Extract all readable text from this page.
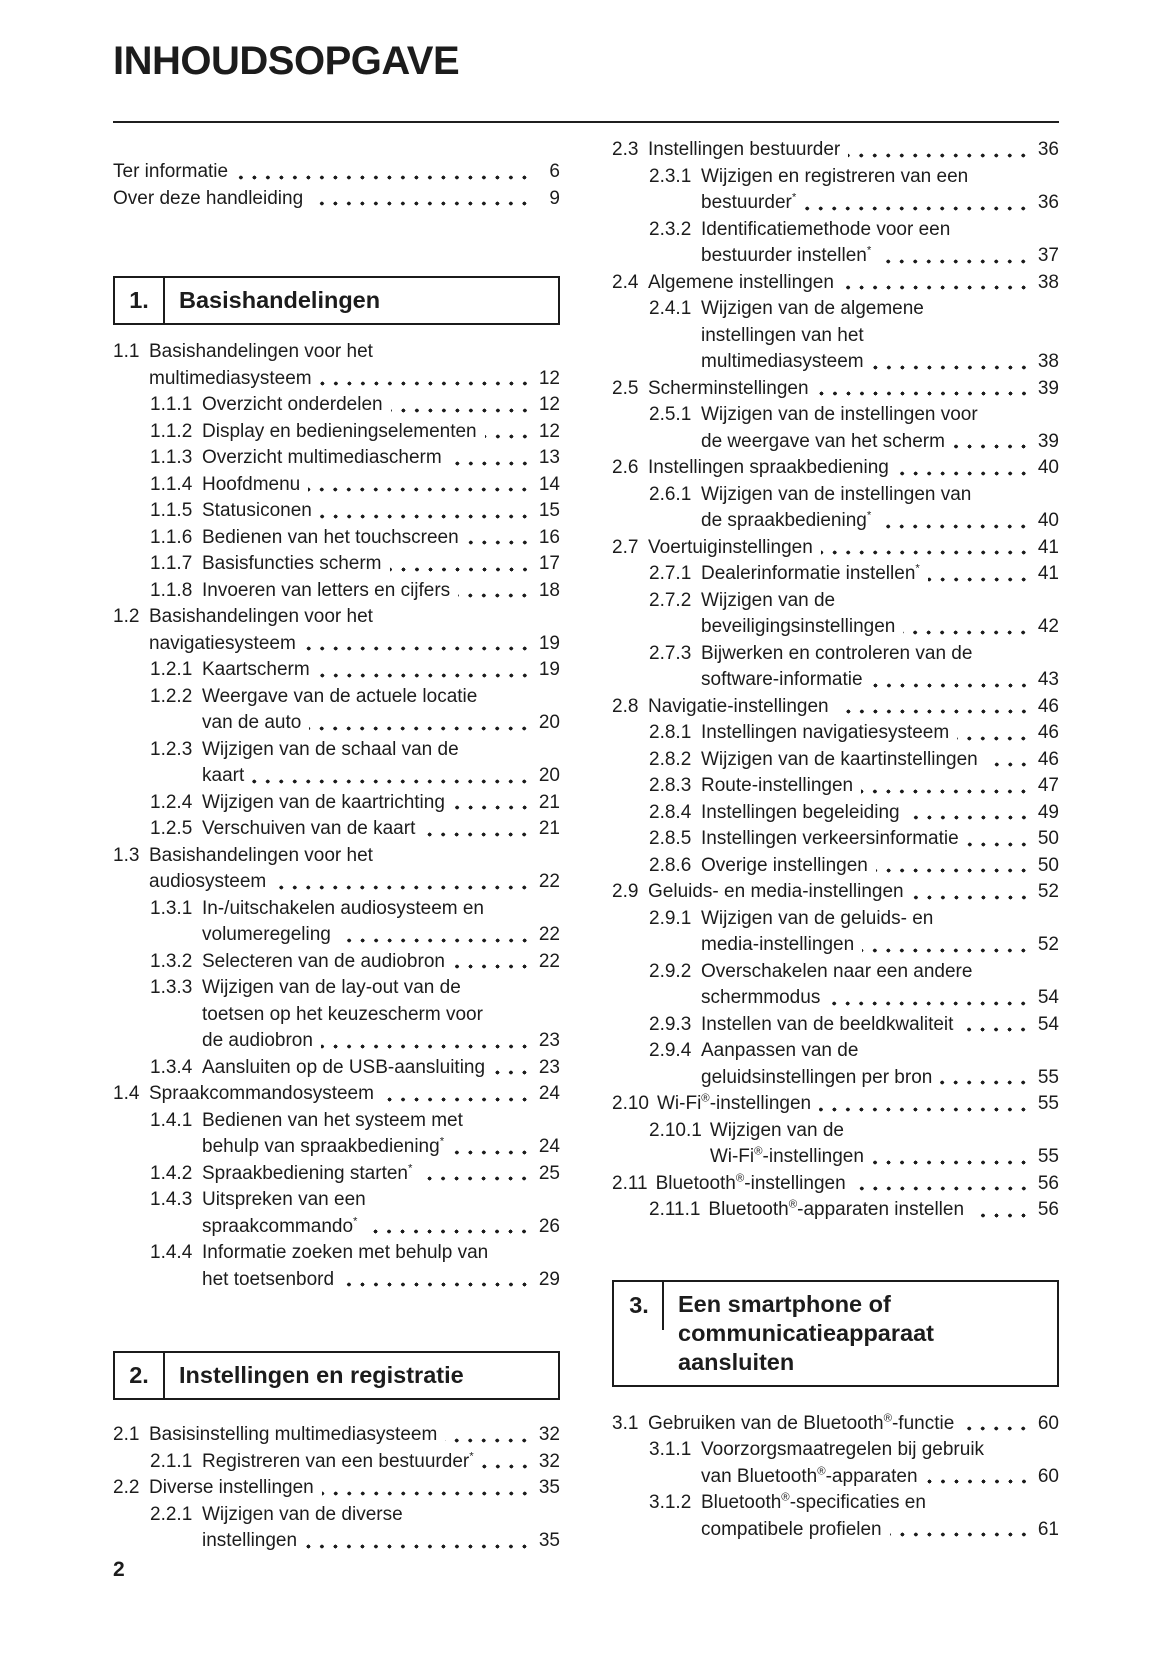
INHOUDSOPGAVE
Ter informatie	6
Over deze handleiding	9
1.	Basishandelingen
1.1 Basishandelingen voor het
multimediasysteem	12
1.1.1 Overzicht onderdelen	12
1.1.2 Display en bedieningselementen	12
1.1.3 Overzicht multimediascherm	13
1.1.4 Hoofdmenu	14
1.1.5 Statusiconen	15
1.1.6 Bedienen van het touchscreen	16
1.1.7 Basisfuncties scherm	17
1.1.8 Invoeren van letters en cijfers	18
1.2 Basishandelingen voor het
navigatiesysteem	19
1.2.1 Kaartscherm	19
1.2.2 Weergave van de actuele locatie
van de auto	20
1.2.3 Wijzigen van de schaal van de
kaart	20
1.2.4 Wijzigen van de kaartrichting	21
1.2.5 Verschuiven van de kaart	21
1.3 Basishandelingen voor het
audiosysteem	22
1.3.1 In-/uitschakelen audiosysteem en
volumeregeling	22
1.3.2 Selecteren van de audiobron	22
1.3.3 Wijzigen van de lay-out van de
toetsen op het keuzescherm voor
de audiobron	23
1.3.4 Aansluiten op de USB-aansluiting	23
1.4 Spraakcommandosysteem	24
1.4.1 Bedienen van het systeem met
behulp van spraakbediening*	24
1.4.2 Spraakbediening starten*	25
1.4.3 Uitspreken van een
spraakcommando*	26
1.4.4 Informatie zoeken met behulp van
het toetsenbord	29
2.	Instellingen en registratie
2.1 Basisinstelling multimediasysteem	32
2.1.1 Registreren van een bestuurder*	32
2.2 Diverse instellingen	35
2.2.1 Wijzigen van de diverse
instellingen	35
2.3 Instellingen bestuurder	36
2.3.1 Wijzigen en registreren van een
bestuurder*	36
2.3.2 Identificatiemethode voor een
bestuurder instellen*	37
2.4 Algemene instellingen	38
2.4.1 Wijzigen van de algemene
instellingen van het
multimediasysteem	38
2.5 Scherminstellingen	39
2.5.1 Wijzigen van de instellingen voor
de weergave van het scherm	39
2.6 Instellingen spraakbediening	40
2.6.1 Wijzigen van de instellingen van
de spraakbediening*	40
2.7 Voertuiginstellingen	41
2.7.1 Dealerinformatie instellen*	41
2.7.2 Wijzigen van de
beveiligingsinstellingen	42
2.7.3 Bijwerken en controleren van de
software-informatie	43
2.8 Navigatie-instellingen	46
2.8.1 Instellingen navigatiesysteem	46
2.8.2 Wijzigen van de kaartinstellingen	46
2.8.3 Route-instellingen	47
2.8.4 Instellingen begeleiding	49
2.8.5 Instellingen verkeersinformatie	50
2.8.6 Overige instellingen	50
2.9 Geluids- en media-instellingen	52
2.9.1 Wijzigen van de geluids- en
media-instellingen	52
2.9.2 Overschakelen naar een andere
schermmodus	54
2.9.3 Instellen van de beeldkwaliteit	54
2.9.4 Aanpassen van de
geluidsinstellingen per bron	55
2.10 Wi-Fi®-instellingen	55
2.10.1 Wijzigen van de
Wi-Fi®-instellingen	55
2.11 Bluetooth®-instellingen	56
2.11.1 Bluetooth®-apparaten instellen	56
3.	Een smartphone of
communicatieapparaat
aansluiten
3.1 Gebruiken van de Bluetooth®-functie	60
3.1.1 Voorzorgsmaatregelen bij gebruik
van Bluetooth®-apparaten	60
3.1.2 Bluetooth®-specificaties en
compatibele profielen	61
2
